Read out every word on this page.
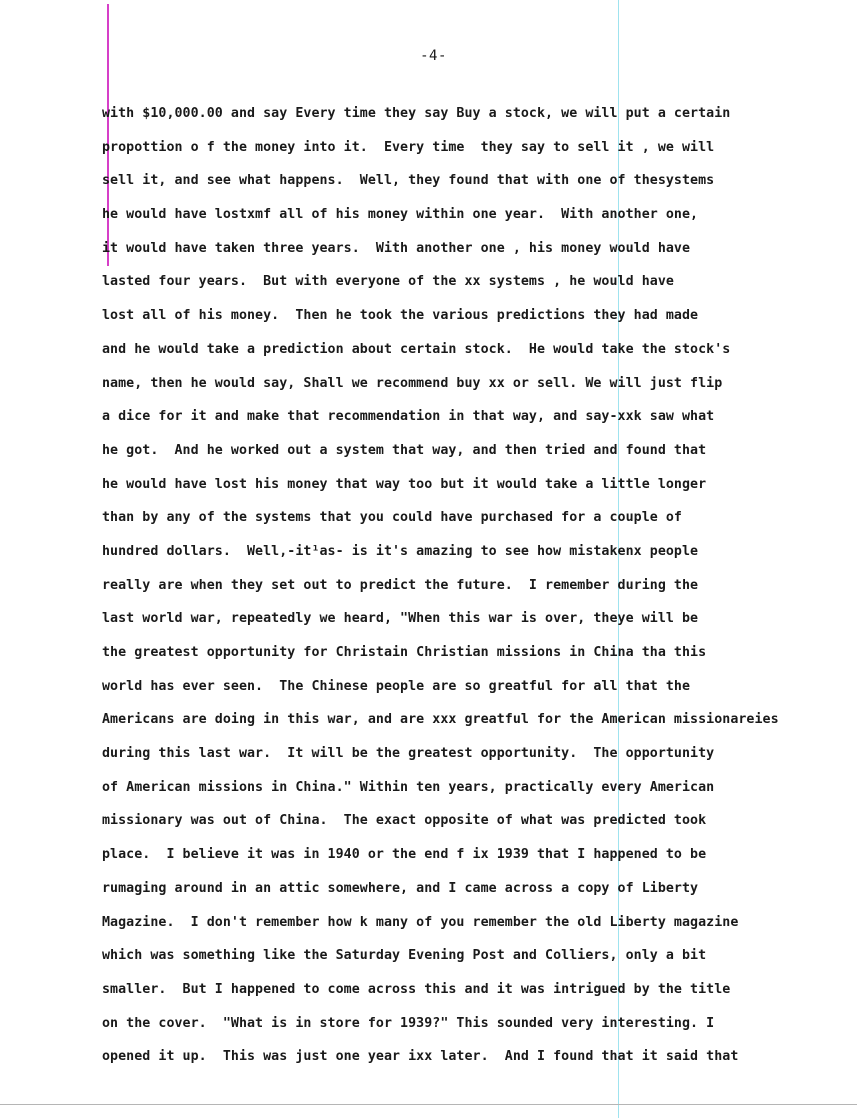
-4-
with $10,000.00 and say Every time they say Buy a stock, we will put a certain
propottion o f the money into it.  Every time  they say to sell it , we will
sell it, and see what happens.  Well, they found that with one of thesystems
he would have lostxmf all of his money within one year.  With another one,
it would have taken three years.  With another one , his money would have
lasted four years.  But with everyone of the xx systems , he would have
lost all of his money.  Then he took the various predictions they had made
and he would take a prediction about certain stock.  He would take the stock's
name, then he would say, Shall we recommend buy xx or sell. We will just flip
a dice for it and make that recommendation in that way, and say-xxk saw what
he got.  And he worked out a system that way, and then tried and found that
he would have lost his money that way too but it would take a little longer
than by any of the systems that you could have purchased for a couple of
hundred dollars.  Well,-it¹as- is it's amazing to see how mistakenx people
really are when they set out to predict the future.  I remember during the
last world war, repeatedly we heard, "When this war is over, theye will be
the greatest opportunity for Christain Christian missions in China tha this
world has ever seen.  The Chinese people are so greatful for all that the
Americans are doing in this war, and are xxx greatful for the American missionareies
during this last war.  It will be the greatest opportunity.  The opportunity
of American missions in China." Within ten years, practically every American
missionary was out of China.  The exact opposite of what was predicted took
place.  I believe it was in 1940 or the end f ix 1939 that I happened to be
rumaging around in an attic somewhere, and I came across a copy of Liberty
Magazine.  I don't remember how k many of you remember the old Liberty magazine
which was something like the Saturday Evening Post and Colliers, only a bit
smaller.  But I happened to come across this and it was intrigued by the title
on the cover.  "What is in store for 1939?" This sounded very interesting. I
opened it up.  This was just one year ixx later.  And I found that it said that
